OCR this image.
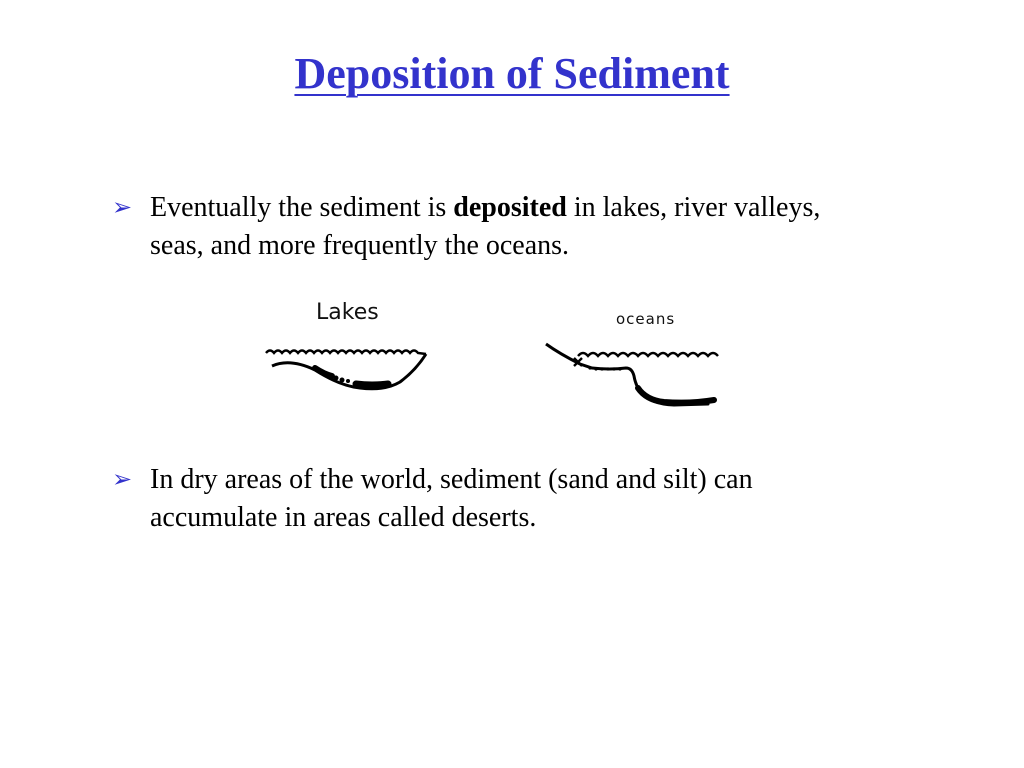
Deposition of Sediment
➢ Eventually the sediment is deposited in lakes, river valleys, seas, and more frequently the oceans.
Lakes	oceans
➢ In dry areas of the world, sediment (sand and silt) can accumulate in areas called deserts.
